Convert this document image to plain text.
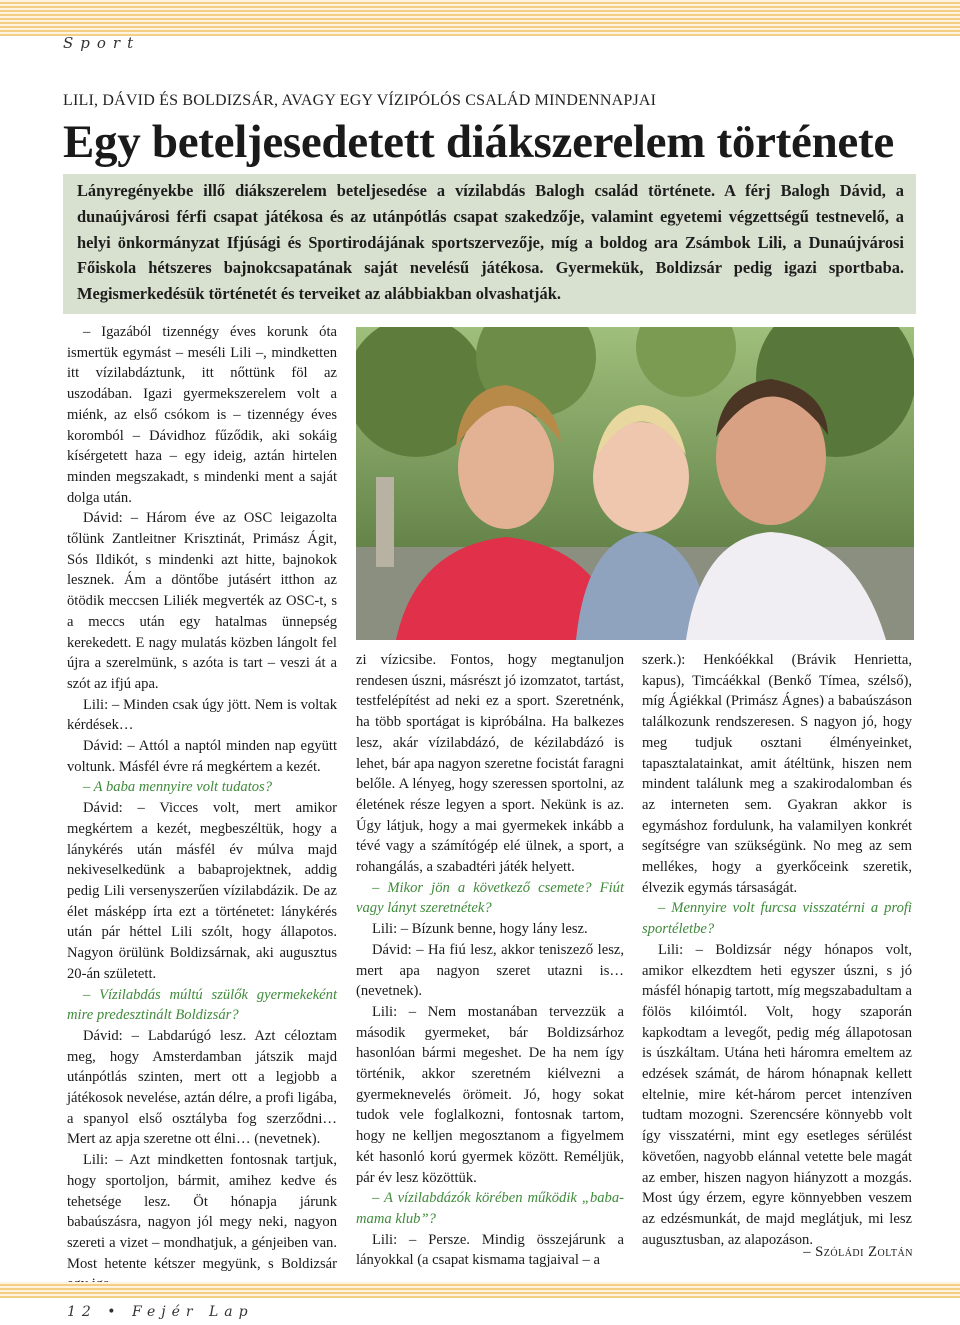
Sport
LILI, DÁVID ÉS BOLDIZSÁR, AVAGY EGY VÍZIPÓLÓS CSALÁD MINDENNAPJAI
Egy beteljesedetett diákszerelem története

Lányregényekbe illő diákszerelem beteljesedése a vízilabdás Balogh család története. A férj Balogh Dávid, a dunaújvárosi férfi csapat játékosa és az utánpótlás csapat szakedzője, valamint egyetemi végzettségű testnevelő, a helyi önkormányzat Ifjúsági és Sportirodájának sportszervezője, míg a boldog ara Zsámbok Lili, a Dunaújvárosi Főiskola hétszeres bajnokcsapatának saját nevelésű játékosa. Gyermekük, Boldizsár pedig igazi sportbaba. Megismerkedésük történetét és terveiket az alábbiakban olvashatják.

– Igazából tizennégy éves korunk óta ismertük egymást – meséli Lili –, mindketten itt vízilabdáztunk, itt nőttünk föl az uszodában. Igazi gyermekszerelem volt a miénk, az első csókom is – tizennégy éves koromból – Dávidhoz fűződik, aki sokáig kísérgetett haza – egy ideig, aztán hirtelen minden megszakadt, s mindenki ment a saját dolga után.

Dávid: – Három éve az OSC leigazolta tőlünk Zantleitner Krisztinát, Primász Ágit, Sós Ildikót, s mindenki azt hitte, bajnokok lesznek. Ám a döntőbe jutásért itthon az ötödik meccsen Liliék megverték az OSC-t, s a meccs után egy hatalmas ünnepség kerekedett. E nagy mulatás közben lángolt fel újra a szerelmünk, s azóta is tart – veszi át a szót az ifjú apa.

Lili: – Minden csak úgy jött. Nem is voltak kérdések…

Dávid: – Attól a naptól minden nap együtt voltunk. Másfél évre rá megkértem a kezét.

– A baba mennyire volt tudatos?

Dávid: – Vicces volt, mert amikor megkértem a kezét, megbeszéltük, hogy a lánykérés után másfél év múlva majd nekiveselkedünk a babaprojektnek, addig pedig Lili versenyszerűen vízilabdázik. De az élet másképp írta ezt a történetet: lánykérés után pár héttel Lili szólt, hogy állapotos. Nagyon örülünk Boldizsárnak, aki augusztus 20-án született.

– Vízilabdás múltú szülők gyermekeként mire predesztinált Boldizsár?

Dávid: – Labdarúgó lesz. Azt céloztam meg, hogy Amsterdamban játszik majd utánpótlás szinten, mert ott a legjobb a játékosok nevelése, aztán délre, a profi ligába, a spanyol első osztályba fog szerződni… Mert az apja szeretne ott élni… (nevetnek).

Lili: – Azt mindketten fontosnak tartjuk, hogy sportoljon, bármit, amihez kedve és tehetsége lesz. Öt hónapja járunk babaúszásra, nagyon jól megy neki, nagyon szereti a vizet – mondhatjuk, a génjeiben van. Most hetente kétszer megyünk, s Boldizsár

zi vízicsibe. Fontos, hogy megtanuljon rendesen úszni, másrészt jó izomzatot, tartást, testfelépítést ad neki ez a sport. Szeretnénk, ha több sportágat is kipróbálna. Ha balkezes lesz, akár vízilabdázó, de kézilabdázó is lehet, bár apa nagyon szeretne focistát faragni belőle. A lényeg, hogy szeressen sportolni, az életének része legyen a sport. Nekünk is az. Úgy látjuk, hogy a mai gyermekek inkább a tévé vagy a számítógép elé ülnek, a sport, a rohangálás, a szabadtéri játék helyett.

– Mikor jön a következő csemete? Fiút vagy lányt szeretnétek?

Lili: – Bízunk benne, hogy lány lesz.

Dávid: – Ha fiú lesz, akkor teniszező lesz, mert apa nagyon szeret utazni is… (nevetnek).

Lili: – Nem mostanában tervezzük a második gyermeket, bár Boldizsárhoz hasonlóan bármi megeshet. De ha nem így történik, akkor szeretném kiélvezni a gyermeknevelés örömeit. Jó, hogy sokat tudok vele foglalkozni, fontosnak tartom, hogy ne kelljen megosztanom a figyelmem két hasonló korú gyermek között. Reméljük, pár év lesz közöttük.

– A vízilabdázók körében működik „baba-mama klub”?

Lili: – Persze. Mindig összejárunk a lányokkal (a csapat kismama tagjaival – a

szerk.): Henkóékkal (Brávik Henrietta, kapus), Timcáékkal (Benkő Tímea, szélső), míg Ágiékkal (Primász Ágnes) a babaúszáson találkozunk rendszeresen. S nagyon jó, hogy meg tudjuk osztani élményeinket, tapasztalatainkat, amit átéltünk, hiszen nem mindent találunk meg a szakirodalomban és az interneten sem. Gyakran akkor is egymáshoz fordulunk, ha valamilyen konkrét segítségre van szükségünk. No meg az sem mellékes, hogy a gyerkőceink szeretik, élvezik egymás társaságát.

– Mennyire volt furcsa visszatérni a profi sportéletbe?

Lili: – Boldizsár négy hónapos volt, amikor elkezdtem heti egyszer úszni, s jó másfél hónapig tartott, míg megszabadultam a fölös kilóimtól. Volt, hogy szaporán kapkodtam a levegőt, pedig még állapotosan is úszkáltam. Utána heti háromra emeltem az edzések számát, de három hónapnak kellett eltelnie, mire két-három percet intenzíven tudtam mozogni. Szerencsére könnyebb volt így visszatérni, mint egy esetleges sérülést követően, nagyobb elánnal vetette bele magát az ember, hiszen nagyon hiányzott a mozgás. Most úgy érzem, egyre könnyebben veszem az edzésmunkát, de majd meglátjuk, mi lesz augusztusban, az alapozáson.

– Szóládi Zoltán
12 • Fejér Lap
